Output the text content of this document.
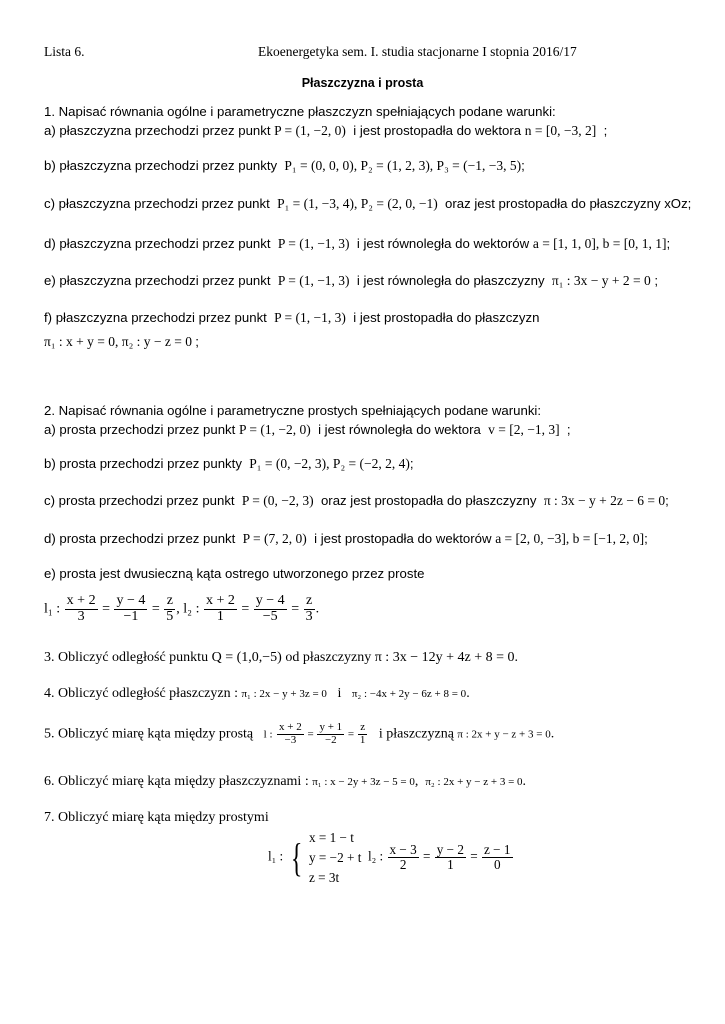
Lista 6.	Ekoenergetyka sem. I. studia stacjonarne I stopnia 2016/17
Płaszczyzna i prosta
1. Napisać równania ogólne i parametryczne płaszczyzn spełniających podane warunki:
a) płaszczyzna przechodzi przez punkt P = (1, −2, 0) i jest prostopadła do wektora n = [0, −3, 2] ;
b) płaszczyzna przechodzi przez punkty P₁ = (0, 0, 0), P₂ = (1, 2, 3), P₃ = (−1, −3, 5);
c) płaszczyzna przechodzi przez punkt P₁ = (1, −3, 4), P₂ = (2, 0, −1) oraz jest prostopadła do płaszczyzny xOz;
d) płaszczyzna przechodzi przez punkt P = (1, −1, 3) i jest równoległa do wektorów a = [1, 1, 0], b = [0, 1, 1];
e) płaszczyzna przechodzi przez punkt P = (1, −1, 3) i jest równoległa do płaszczyzny π₁ : 3x − y + 2 = 0 ;
f) płaszczyzna przechodzi przez punkt P = (1, −1, 3) i jest prostopadła do płaszczyzn
π₁ : x + y = 0, π₂ : y − z = 0 ;
2. Napisać równania ogólne i parametryczne prostych spełniających podane warunki:
a) prosta przechodzi przez punkt P = (1, −2, 0) i jest równoległa do wektora v = [2, −1, 3] ;
b) prosta przechodzi przez punkty P₁ = (0, −2, 3), P₂ = (−2, 2, 4);
c) prosta przechodzi przez punkt P = (0, −2, 3) oraz jest prostopadła do płaszczyzny π : 3x − y + 2z − 6 = 0;
d) prosta przechodzi przez punkt P = (7, 2, 0) i jest prostopadła do wektorów a = [2, 0, −3], b = [−1, 2, 0];
e) prosta jest dwusieczną kąta ostrego utworzonego przez proste
l₁ : $\frac{x + 2}{3} = \frac{y - 4}{-1} = \frac{z}{5}$ , l₂ : $\frac{x + 2}{1} = \frac{y - 4}{-5} = \frac{z}{3}$ .
3. Obliczyć odległość punktu Q = (1,0,−5) od płaszczyzny π : 3x − 12y + 4z + 8 = 0.
4. Obliczyć odległość płaszczyzn : π₁ : 2x − y + 3z = 0 i π₂ : −4x + 2y − 6z + 8 = 0.
5. Obliczyć miarę kąta między prostą l : $\frac{x + 2}{-3} = \frac{y + 1}{-2} = \frac{z}{1}$ i płaszczyzną π : 2x + y − z + 3 = 0.
6. Obliczyć miarę kąta między płaszczyznami : π₁ : x − 2y + 3z − 5 = 0, π₂ : 2x + y − z + 3 = 0.
7. Obliczyć miarę kąta między prostymi
l₁ : { x = 1 − t
y = −2 + t
z = 3t
l₂ : $\frac{x - 3}{2} = \frac{y - 2}{1} = \frac{z - 1}{0}$
